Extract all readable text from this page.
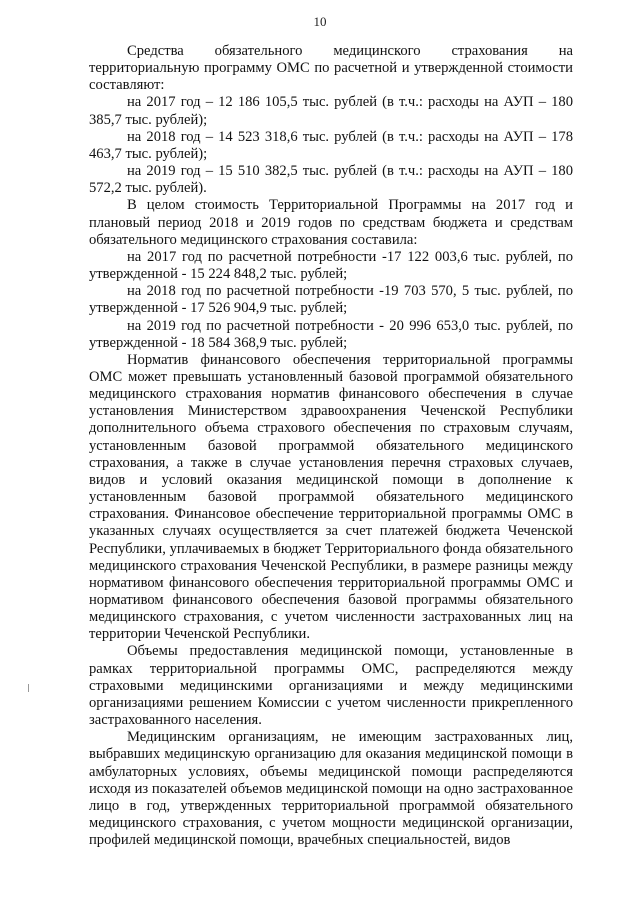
10

Средства обязательного медицинского страхования на территориальную программу ОМС по расчетной и утвержденной стоимости составляют:

на 2017 год – 12 186 105,5 тыс. рублей (в т.ч.: расходы на АУП – 180 385,7 тыс. рублей);

на 2018 год – 14 523 318,6 тыс. рублей (в т.ч.: расходы на АУП – 178 463,7 тыс. рублей);

на 2019 год – 15 510 382,5 тыс. рублей (в т.ч.: расходы на АУП – 180 572,2 тыс. рублей).

В целом стоимость Территориальной Программы на 2017 год и плановый период 2018 и 2019 годов по средствам бюджета и средствам обязательного медицинского страхования составила:

на 2017 год по расчетной потребности -17 122 003,6 тыс. рублей, по утвержденной - 15 224 848,2 тыс. рублей;

на 2018 год по расчетной потребности -19 703 570, 5 тыс. рублей, по утвержденной - 17 526 904,9 тыс. рублей;

на 2019 год по расчетной потребности - 20 996 653,0 тыс. рублей, по утвержденной - 18 584 368,9 тыс. рублей;

Норматив финансового обеспечения территориальной программы ОМС может превышать установленный базовой программой обязательного медицинского страхования норматив финансового обеспечения в случае установления Министерством здравоохранения Чеченской Республики дополнительного объема страхового обеспечения по страховым случаям, установленным базовой программой обязательного медицинского страхования, а также в случае установления перечня страховых случаев, видов и условий оказания медицинской помощи в дополнение к установленным базовой программой обязательного медицинского страхования. Финансовое обеспечение территориальной программы ОМС в указанных случаях осуществляется за счет платежей бюджета Чеченской Республики, уплачиваемых в бюджет Территориального фонда обязательного медицинского страхования Чеченской Республики, в размере разницы между нормативом финансового обеспечения территориальной программы ОМС и нормативом финансового обеспечения базовой программы обязательного медицинского страхования, с учетом численности застрахованных лиц на территории Чеченской Республики.

Объемы предоставления медицинской помощи, установленные в рамках территориальной программы ОМС, распределяются между страховыми медицинскими организациями и между медицинскими организациями решением Комиссии с учетом численности прикрепленного застрахованного населения.

Медицинским организациям, не имеющим застрахованных лиц, выбравших медицинскую организацию для оказания медицинской помощи в амбулаторных условиях, объемы медицинской помощи распределяются исходя из показателей объемов медицинской помощи на одно застрахованное лицо в год, утвержденных территориальной программой обязательного медицинского страхования, с учетом мощности медицинской организации, профилей медицинской помощи, врачебных специальностей, видов
